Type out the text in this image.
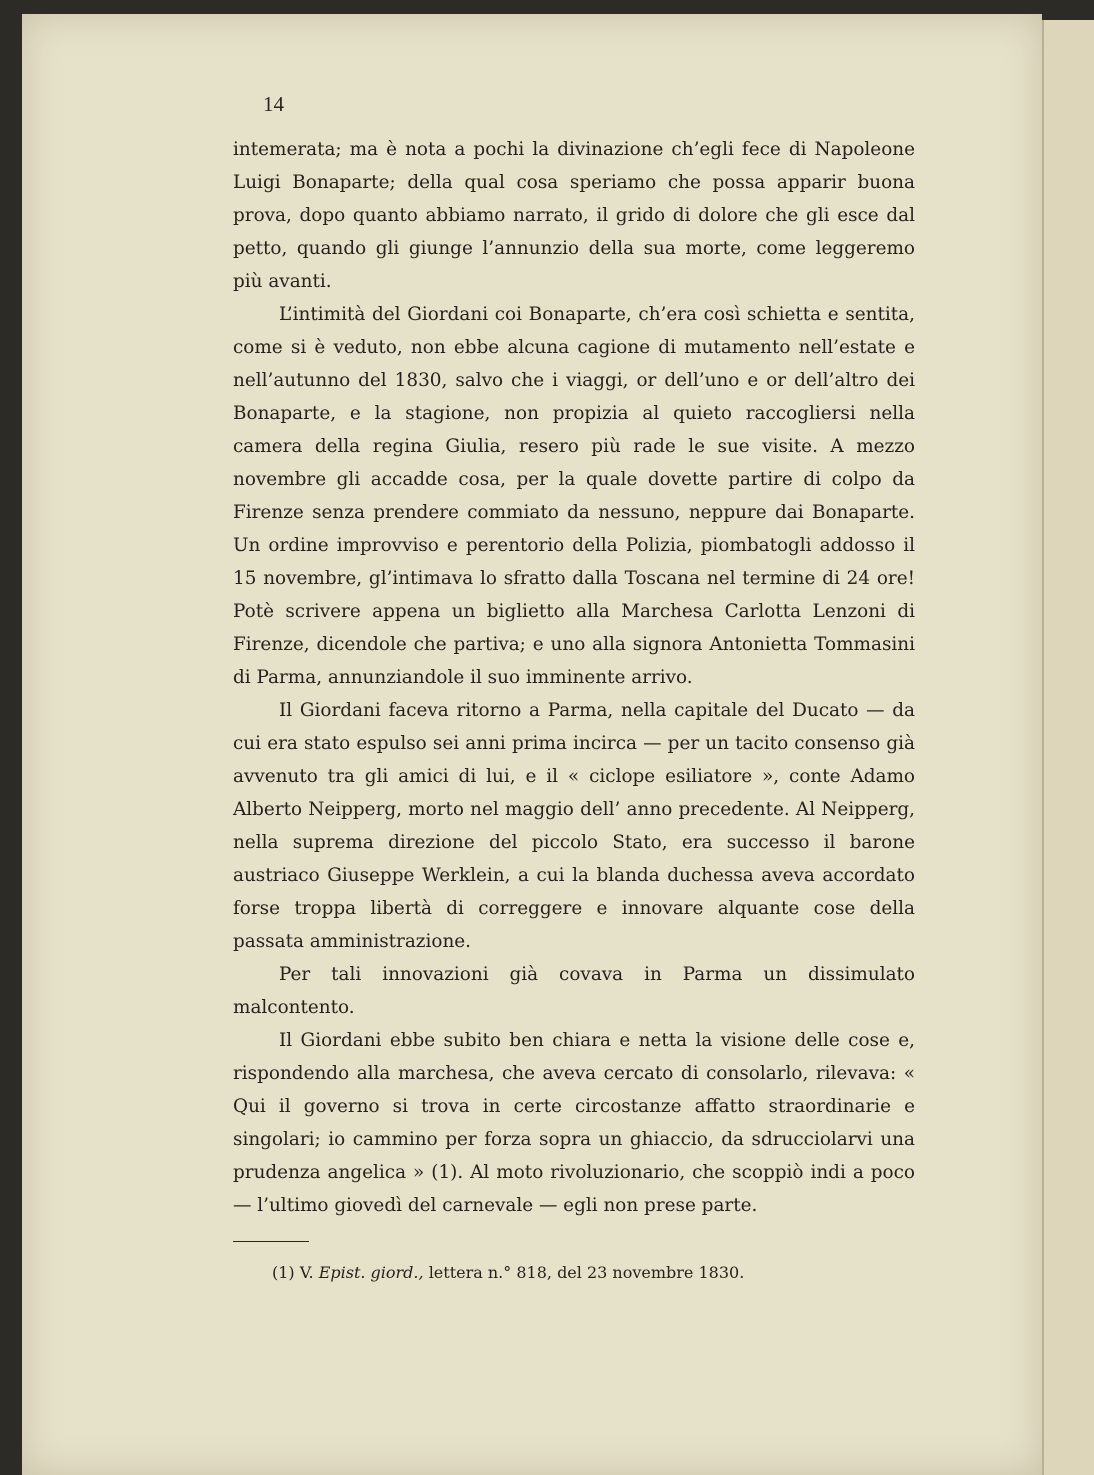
14

intemerata; ma è nota a pochi la divinazione ch’egli fece di Napoleone Luigi Bonaparte; della qual cosa speriamo che possa apparir buona prova, dopo quanto abbiamo narrato, il grido di dolore che gli esce dal petto, quando gli giunge l’annunzio della sua morte, come leggeremo più avanti.

L’intimità del Giordani coi Bonaparte, ch’era così schietta e sentita, come si è veduto, non ebbe alcuna cagione di mutamento nell’estate e nell’autunno del 1830, salvo che i viaggi, or dell’uno e or dell’altro dei Bonaparte, e la stagione, non propizia al quieto raccogliersi nella camera della regina Giulia, resero più rade le sue visite. A mezzo novembre gli accadde cosa, per la quale dovette partire di colpo da Firenze senza prendere commiato da nessuno, neppure dai Bonaparte. Un ordine improvviso e perentorio della Polizia, piombatogli addosso il 15 novembre, gl’intimava lo sfratto dalla Toscana nel termine di 24 ore! Potè scrivere appena un biglietto alla Marchesa Carlotta Lenzoni di Firenze, dicendole che partiva; e uno alla signora Antonietta Tommasini di Parma, annunziandole il suo imminente arrivo.

Il Giordani faceva ritorno a Parma, nella capitale del Ducato — da cui era stato espulso sei anni prima incirca — per un tacito consenso già avvenuto tra gli amici di lui, e il « ciclope esiliatore », conte Adamo Alberto Neipperg, morto nel maggio dell’ anno precedente. Al Neipperg, nella suprema direzione del piccolo Stato, era successo il barone austriaco Giuseppe Werklein, a cui la blanda duchessa aveva accordato forse troppa libertà di correggere e innovare alquante cose della passata amministrazione.

Per tali innovazioni già covava in Parma un dissimulato malcontento.

Il Giordani ebbe subito ben chiara e netta la visione delle cose e, rispondendo alla marchesa, che aveva cercato di consolarlo, rilevava: « Qui il governo si trova in certe circostanze affatto straordinarie e singolari; io cammino per forza sopra un ghiaccio, da sdrucciolarvi una prudenza angelica » (1). Al moto rivoluzionario, che scoppiò indi a poco — l’ultimo giovedì del carnevale — egli non prese parte.

(1) V. Epist. giord., lettera n.° 818, del 23 novembre 1830.
